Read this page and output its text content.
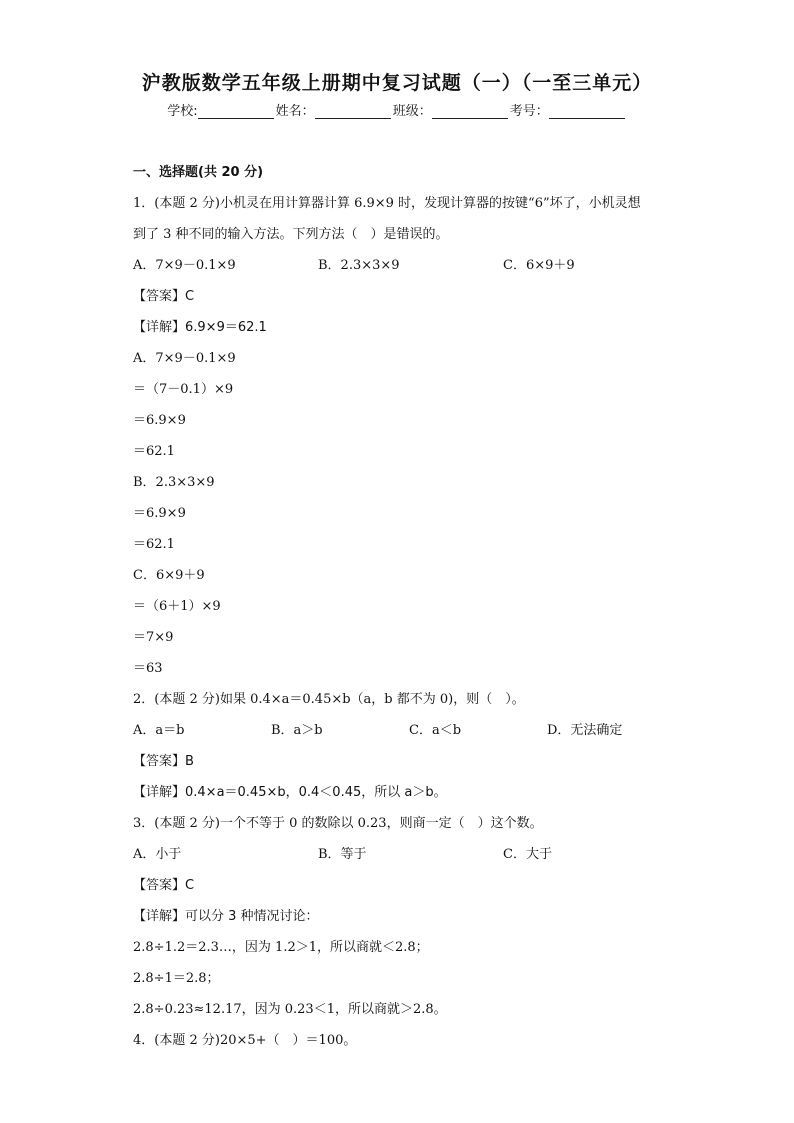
沪教版数学五年级上册期中复习试题（一）（一至三单元）
学校:	姓名：	班级：	考号：
一、选择题(共 20 分)
1．(本题 2 分)小机灵在用计算器计算 6.9×9 时，发现计算器的按键“6”坏了，小机灵想
到了 3 种不同的输入方法。下列方法（　）是错误的。
A．7×9－0.1×9	B．2.3×3×9	C．6×9＋9
【答案】C
【详解】6.9×9＝62.1
A．7×9－0.1×9
＝（7－0.1）×9
＝6.9×9
＝62.1
B．2.3×3×9
＝6.9×9
＝62.1
C．6×9＋9
＝（6＋1）×9
＝7×9
＝63
2．(本题 2 分)如果 0.4×a＝0.45×b（a，b 都不为 0)，则（　）。
A．a＝b	B．a＞b	C．a＜b	D．无法确定
【答案】B
【详解】0.4×a＝0.45×b，0.4＜0.45，所以 a＞b。
3．(本题 2 分)一个不等于 0 的数除以 0.23，则商一定（　）这个数。
A．小于	B．等于	C．大于
【答案】C
【详解】可以分 3 种情况讨论：
2.8÷1.2＝2.3…，因为 1.2＞1，所以商就＜2.8；
2.8÷1＝2.8；
2.8÷0.23≈12.17，因为 0.23＜1，所以商就＞2.8。
4．(本题 2 分)20×5+（　）＝100。
